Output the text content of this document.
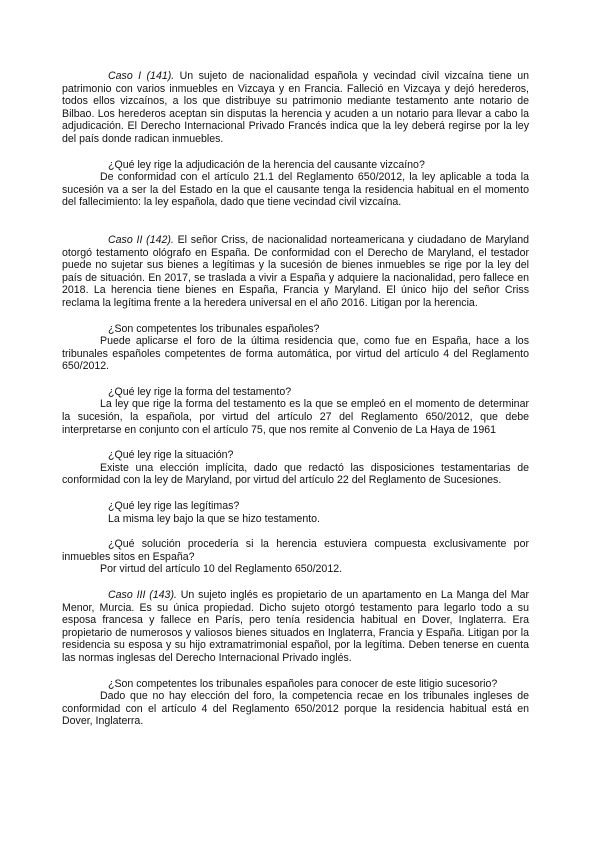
Caso I (141). Un sujeto de nacionalidad española y vecindad civil vizcaína tiene un patrimonio con varios inmuebles en Vizcaya y en Francia. Falleció en Vizcaya y dejó herederos, todos ellos vizcaínos, a los que distribuye su patrimonio mediante testamento ante notario de Bilbao. Los herederos aceptan sin disputas la herencia y acuden a un notario para llevar a cabo la adjudicación. El Derecho Internacional Privado Francés indica que la ley deberá regirse por la ley del país donde radican inmuebles.

¿Qué ley rige la adjudicación de la herencia del causante vizcaíno?

De conformidad con el artículo 21.1 del Reglamento 650/2012, la ley aplicable a toda la sucesión va a ser la del Estado en la que el causante tenga la residencia habitual en el momento del fallecimiento: la ley española, dado que tiene vecindad civil vizcaína.

Caso II (142). El señor Criss, de nacionalidad norteamericana y ciudadano de Maryland otorgó testamento ológrafo en España. De conformidad con el Derecho de Maryland, el testador puede no sujetar sus bienes a legítimas y la sucesión de bienes inmuebles se rige por la ley del país de situación. En 2017, se traslada a vivir a España y adquiere la nacionalidad, pero fallece en 2018. La herencia tiene bienes en España, Francia y Maryland. El único hijo del señor Criss reclama la legítima frente a la heredera universal en el año 2016. Litigan por la herencia.

¿Son competentes los tribunales españoles?

Puede aplicarse el foro de la última residencia que, como fue en España, hace a los tribunales españoles competentes de forma automática, por virtud del artículo 4 del Reglamento 650/2012.

¿Qué ley rige la forma del testamento?

La ley que rige la forma del testamento es la que se empleó en el momento de determinar la sucesión, la española, por virtud del artículo 27 del Reglamento 650/2012, que debe interpretarse en conjunto con el artículo 75, que nos remite al Convenio de La Haya de 1961

¿Qué ley rige la situación?

Existe una elección implícita, dado que redactó las disposiciones testamentarias de conformidad con la ley de Maryland, por virtud del artículo 22 del Reglamento de Sucesiones.

¿Qué ley rige las legítimas?

La misma ley bajo la que se hizo testamento.

¿Qué solución procedería si la herencia estuviera compuesta exclusivamente por inmuebles sitos en España?

Por virtud del artículo 10 del Reglamento 650/2012.

Caso III (143). Un sujeto inglés es propietario de un apartamento en La Manga del Mar Menor, Murcia. Es su única propiedad. Dicho sujeto otorgó testamento para legarlo todo a su esposa francesa y fallece en París, pero tenía residencia habitual en Dover, Inglaterra. Era propietario de numerosos y valiosos bienes situados en Inglaterra, Francia y España. Litigan por la residencia su esposa y su hijo extramatrimonial español, por la legítima. Deben tenerse en cuenta las normas inglesas del Derecho Internacional Privado inglés.

¿Son competentes los tribunales españoles para conocer de este litigio sucesorio?

Dado que no hay elección del foro, la competencia recae en los tribunales ingleses de conformidad con el artículo 4 del Reglamento 650/2012 porque la residencia habitual está en Dover, Inglaterra.
